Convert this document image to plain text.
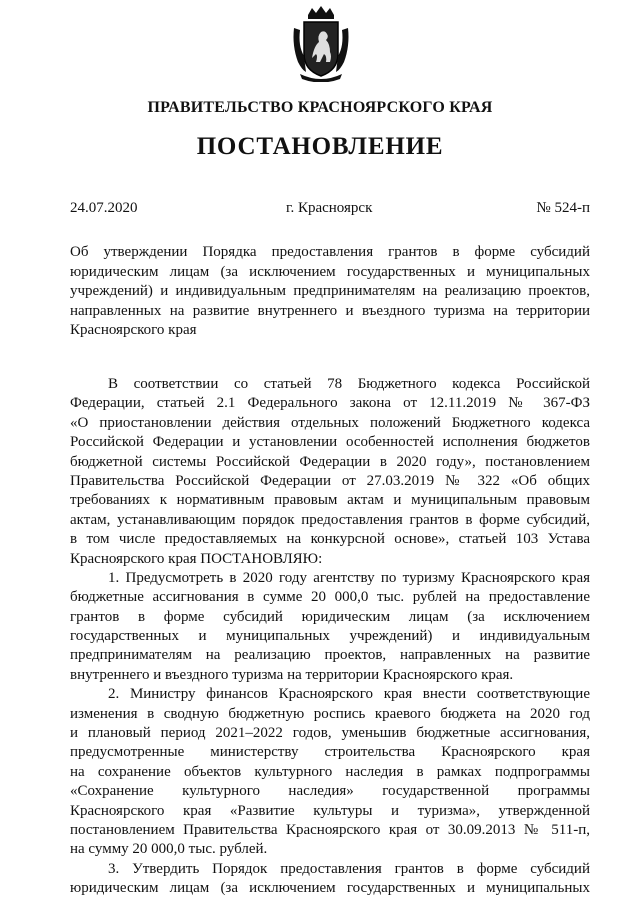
ПРАВИТЕЛЬСТВО КРАСНОЯРСКОГО КРАЯ
ПОСТАНОВЛЕНИЕ
24.07.2020	г. Красноярск	№ 524-п
Об утверждении Порядка предоставления грантов в форме субсидий
юридическим лицам (за исключением государственных и муниципальных
учреждений) и индивидуальным предпринимателям на реализацию проектов,
направленных на развитие внутреннего и въездного туризма на территории
Красноярского края
В соответствии со статьей 78 Бюджетного кодекса Российской
Федерации, статьей 2.1 Федерального закона от 12.11.2019 № 367-ФЗ
«О приостановлении действия отдельных положений Бюджетного кодекса
Российской Федерации и установлении особенностей исполнения бюджетов
бюджетной системы Российской Федерации в 2020 году», постановлением
Правительства Российской Федерации от 27.03.2019 № 322 «Об общих
требованиях к нормативным правовым актам и муниципальным правовым
актам, устанавливающим порядок предоставления грантов в форме субсидий,
в том числе предоставляемых на конкурсной основе», статьей 103 Устава
Красноярского края ПОСТАНОВЛЯЮ:
1. Предусмотреть в 2020 году агентству по туризму Красноярского края
бюджетные ассигнования в сумме 20 000,0 тыс. рублей на предоставление
грантов в форме субсидий юридическим лицам (за исключением
государственных и муниципальных учреждений) и индивидуальным
предпринимателям на реализацию проектов, направленных на развитие
внутреннего и въездного туризма на территории Красноярского края.
2. Министру финансов Красноярского края внести соответствующие
изменения в сводную бюджетную роспись краевого бюджета на 2020 год
и плановый период 2021–2022 годов, уменьшив бюджетные ассигнования,
предусмотренные министерству строительства Красноярского края
на сохранение объектов культурного наследия в рамках подпрограммы
«Сохранение культурного наследия» государственной программы
Красноярского края «Развитие культуры и туризма», утвержденной
постановлением Правительства Красноярского края от 30.09.2013 № 511-п,
на сумму 20 000,0 тыс. рублей.
3. Утвердить Порядок предоставления грантов в форме субсидий
юридическим лицам (за исключением государственных и муниципальных
